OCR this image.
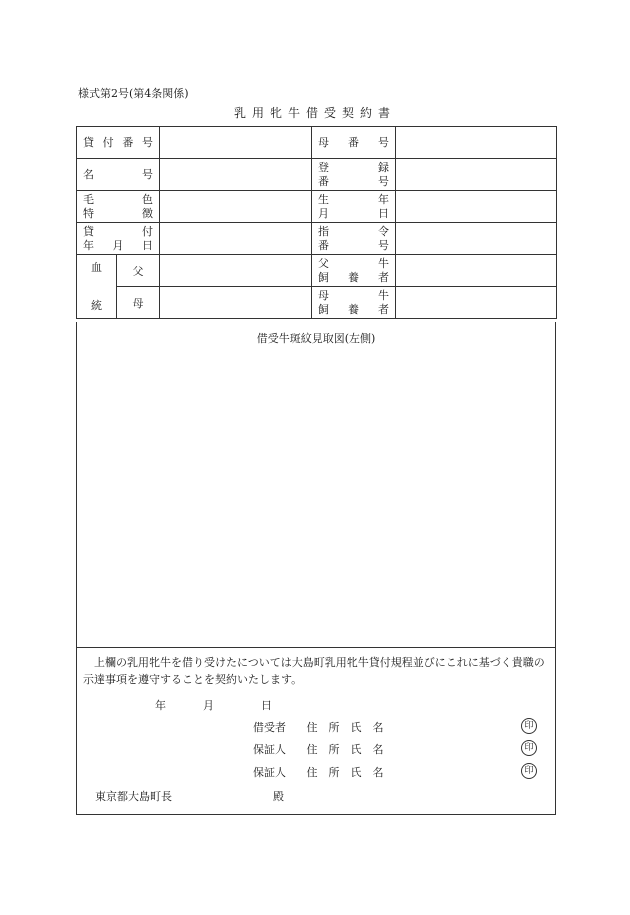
様式第2号(第4条関係)
乳用牝牛借受契約書
貸付番号			母番号	

名号			登　　録
番　　号	

毛　　色
特　　徴			生　　年
月　　日	

貸　　付
年　月　日			指　　令
番　　号	

血
統	父		父　　牛
飼　養　者	

	母		母　　牛
飼　養　者	

借受牛斑紋見取図(左側)
上欄の乳用牝牛を借り受けたについては大島町乳用牝牛貸付規程並びにこれに基づく貴職の示達事項を遵守することを契約いたします。
年	月	日
借受者	住 所 氏 名	印
保証人	住 所 氏 名	印
保証人	住 所 氏 名	印
東京都大島町長	殿
